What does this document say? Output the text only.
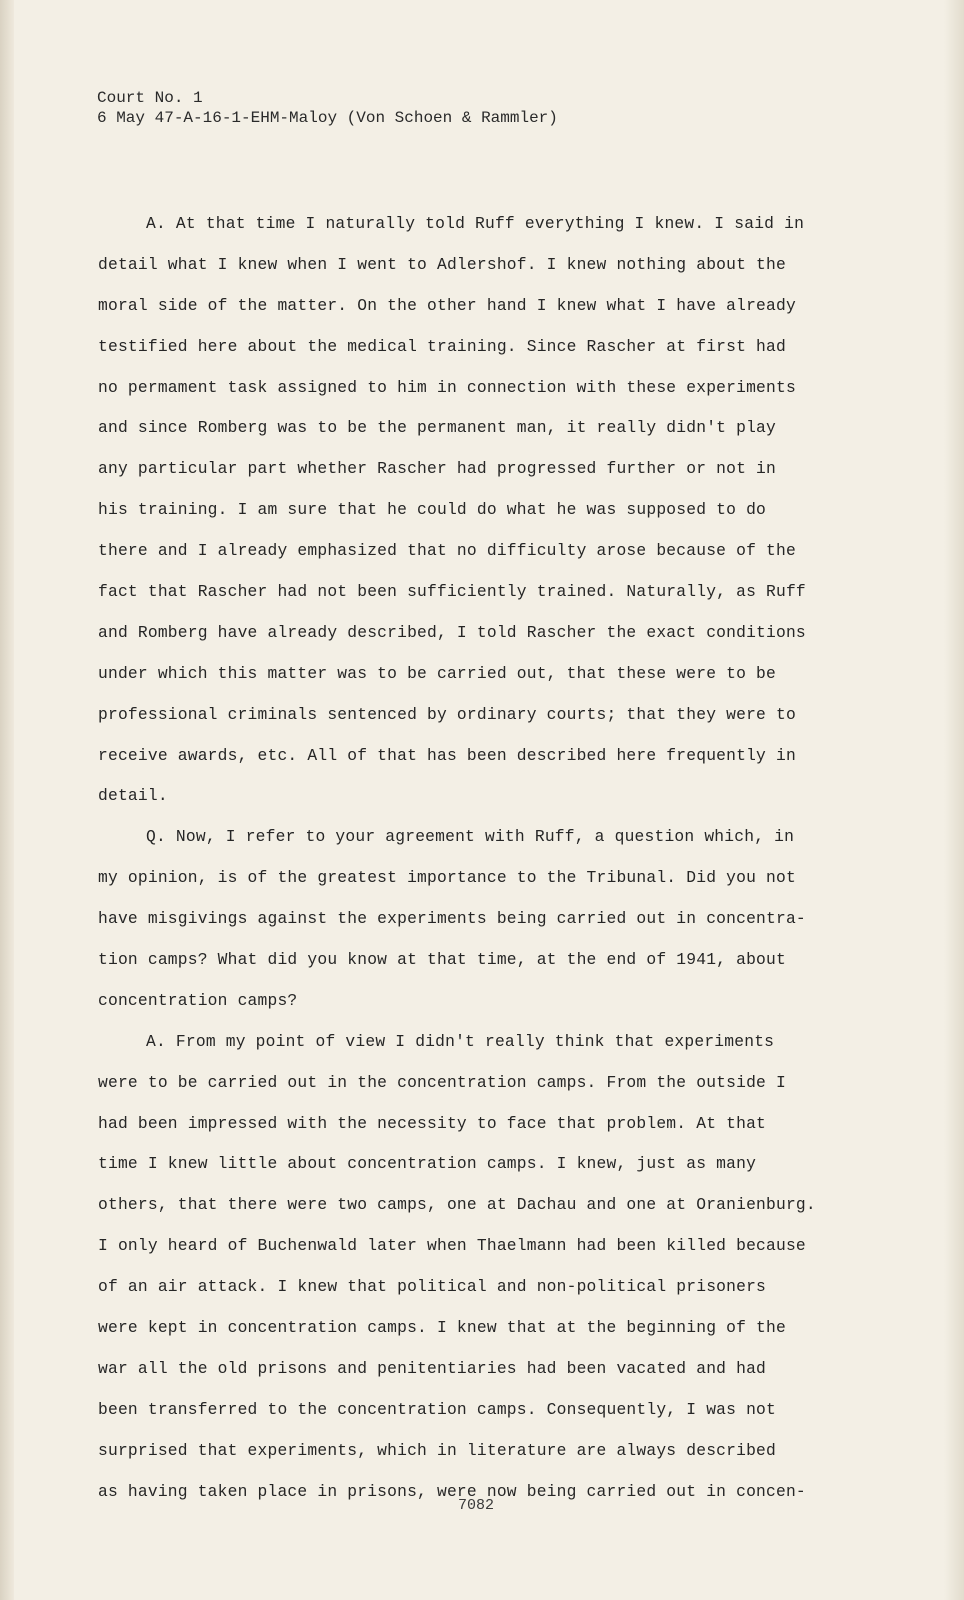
Court No. 1
6 May 47-A-16-1-EHM-Maloy (Von Schoen & Rammler)
A. At that time I naturally told Ruff everything I knew. I said in
detail what I knew when I went to Adlershof. I knew nothing about the
moral side of the matter. On the other hand I knew what I have already
testified here about the medical training. Since Rascher at first had
no permament task assigned to him in connection with these experiments
and since Romberg was to be the permanent man, it really didn't play
any particular part whether Rascher had progressed further or not in
his training. I am sure that he could do what he was supposed to do
there and I already emphasized that no difficulty arose because of the
fact that Rascher had not been sufficiently trained. Naturally, as Ruff
and Romberg have already described, I told Rascher the exact conditions
under which this matter was to be carried out, that these were to be
professional criminals sentenced by ordinary courts; that they were to
receive awards, etc. All of that has been described here frequently in
detail.
Q. Now, I refer to your agreement with Ruff, a question which, in
my opinion, is of the greatest importance to the Tribunal. Did you not
have misgivings against the experiments being carried out in concentra-
tion camps? What did you know at that time, at the end of 1941, about
concentration camps?
A. From my point of view I didn't really think that experiments
were to be carried out in the concentration camps. From the outside I
had been impressed with the necessity to face that problem. At that
time I knew little about concentration camps. I knew, just as many
others, that there were two camps, one at Dachau and one at Oranienburg.
I only heard of Buchenwald later when Thaelmann had been killed because
of an air attack. I knew that political and non-political prisoners
were kept in concentration camps. I knew that at the beginning of the
war all the old prisons and penitentiaries had been vacated and had
been transferred to the concentration camps. Consequently, I was not
surprised that experiments, which in literature are always described
as having taken place in prisons, were now being carried out in concen-
7082
